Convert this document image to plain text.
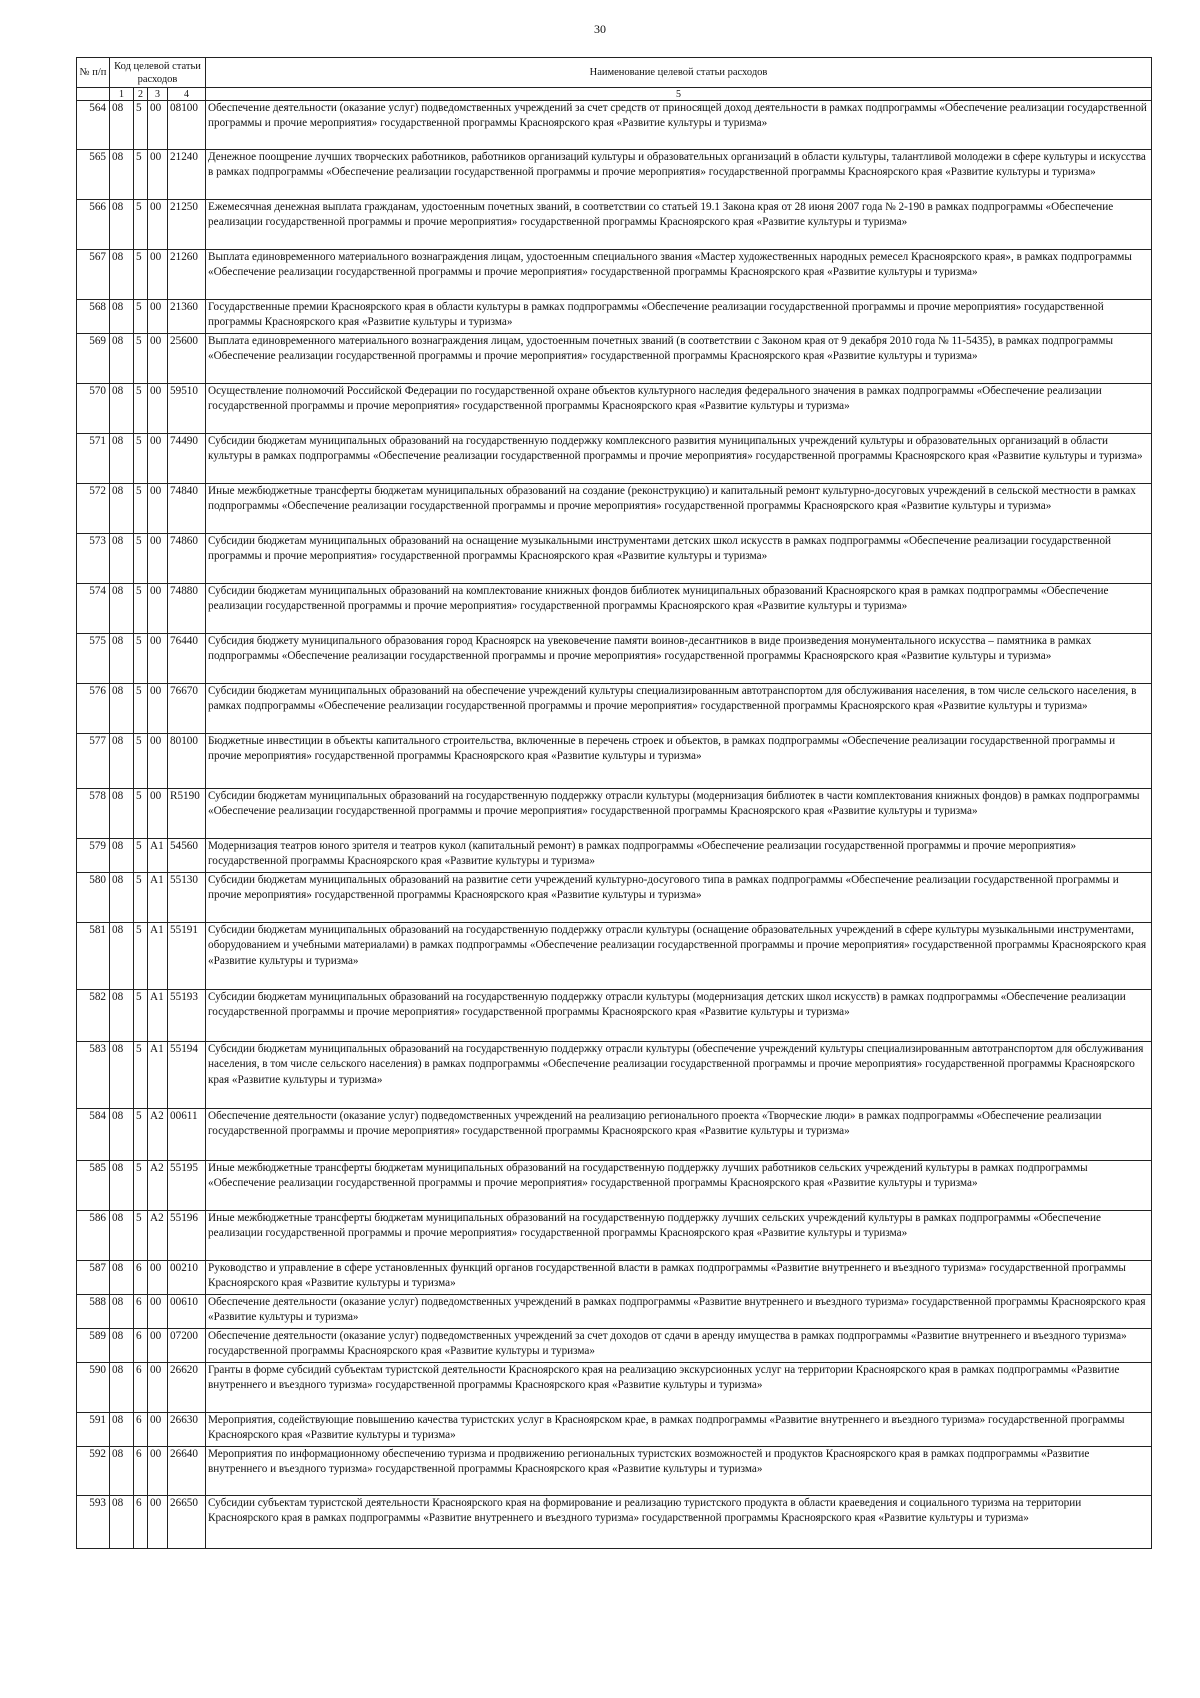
30
№ п/п	Код целевой статьи расходов				Наименование целевой статьи расходов

	1	2	3	4	5
564	08	5	00	08100	Обеспечение деятельности (оказание услуг) подведомственных учреждений за счет средств от приносящей доход деятельности в рамках подпрограммы «Обеспечение реализации государственной программы и прочие мероприятия» государственной программы Красноярского края «Развитие культуры и туризма»
565	08	5	00	21240	Денежное поощрение лучших творческих работников, работников организаций культуры и образовательных организаций в области культуры, талантливой молодежи в сфере культуры и искусства в рамках подпрограммы «Обеспечение реализации государственной программы и прочие мероприятия» государственной программы Красноярского края «Развитие культуры и туризма»
566	08	5	00	21250	Ежемесячная денежная выплата гражданам, удостоенным почетных званий, в соответствии со статьей 19.1 Закона края от 28 июня 2007 года № 2-190 в рамках подпрограммы «Обеспечение реализации государственной программы и прочие мероприятия» государственной программы Красноярского края «Развитие культуры и туризма»
567	08	5	00	21260	Выплата единовременного материального вознаграждения лицам, удостоенным специального звания «Мастер художественных народных ремесел Красноярского края», в рамках подпрограммы «Обеспечение реализации государственной программы и прочие мероприятия» государственной программы Красноярского края «Развитие культуры и туризма»
568	08	5	00	21360	Государственные премии Красноярского края в области культуры в рамках подпрограммы «Обеспечение реализации государственной программы и прочие мероприятия» государственной программы Красноярского края «Развитие культуры и туризма»
569	08	5	00	25600	Выплата единовременного материального вознаграждения лицам, удостоенным почетных званий (в соответствии с Законом края от 9 декабря 2010 года № 11-5435), в рамках подпрограммы «Обеспечение реализации государственной программы и прочие мероприятия» государственной программы Красноярского края «Развитие культуры и туризма»
570	08	5	00	59510	Осуществление полномочий Российской Федерации по государственной охране объектов культурного наследия федерального значения в рамках подпрограммы «Обеспечение реализации государственной программы и прочие мероприятия» государственной программы Красноярского края «Развитие культуры и туризма»
571	08	5	00	74490	Субсидии бюджетам муниципальных образований на государственную поддержку комплексного развития муниципальных учреждений культуры и образовательных организаций в области культуры в рамках подпрограммы «Обеспечение реализации государственной программы и прочие мероприятия» государственной программы Красноярского края «Развитие культуры и туризма»
572	08	5	00	74840	Иные межбюджетные трансферты бюджетам муниципальных образований на создание (реконструкцию) и капитальный ремонт культурно-досуговых учреждений в сельской местности в рамках подпрограммы «Обеспечение реализации государственной программы и прочие мероприятия» государственной программы Красноярского края «Развитие культуры и туризма»
573	08	5	00	74860	Субсидии бюджетам муниципальных образований на оснащение музыкальными инструментами детских школ искусств в рамках подпрограммы «Обеспечение реализации государственной программы и прочие мероприятия» государственной программы Красноярского края «Развитие культуры и туризма»
574	08	5	00	74880	Субсидии бюджетам муниципальных образований на комплектование книжных фондов библиотек муниципальных образований Красноярского края в рамках подпрограммы «Обеспечение реализации государственной программы и прочие мероприятия» государственной программы Красноярского края «Развитие культуры и туризма»
575	08	5	00	76440	Субсидия бюджету муниципального образования город Красноярск на увековечение памяти воинов-десантников в виде произведения монументального искусства – памятника в рамках подпрограммы «Обеспечение реализации государственной программы и прочие мероприятия» государственной программы Красноярского края «Развитие культуры и туризма»
576	08	5	00	76670	Субсидии бюджетам муниципальных образований на обеспечение учреждений культуры специализированным автотранспортом для обслуживания населения, в том числе сельского населения, в рамках подпрограммы «Обеспечение реализации государственной программы и прочие мероприятия» государственной программы Красноярского края «Развитие культуры и туризма»
577	08	5	00	80100	Бюджетные инвестиции в объекты капитального строительства, включенные в перечень строек и объектов, в рамках подпрограммы «Обеспечение реализации государственной программы и прочие мероприятия» государственной программы Красноярского края «Развитие культуры и туризма»
578	08	5	00	R5190	Субсидии бюджетам муниципальных образований на государственную поддержку отрасли культуры (модернизация библиотек в части комплектования книжных фондов) в рамках подпрограммы «Обеспечение реализации государственной программы и прочие мероприятия» государственной программы Красноярского края «Развитие культуры и туризма»
579	08	5	A1	54560	Модернизация театров юного зрителя и театров кукол (капитальный ремонт) в рамках подпрограммы «Обеспечение реализации государственной программы и прочие мероприятия» государственной программы Красноярского края «Развитие культуры и туризма»
580	08	5	A1	55130	Субсидии бюджетам муниципальных образований на развитие сети учреждений культурно-досугового типа в рамках подпрограммы «Обеспечение реализации государственной программы и прочие мероприятия» государственной программы Красноярского края «Развитие культуры и туризма»
581	08	5	A1	55191	Субсидии бюджетам муниципальных образований на государственную поддержку отрасли культуры (оснащение образовательных учреждений в сфере культуры музыкальными инструментами, оборудованием и учебными материалами) в рамках подпрограммы «Обеспечение реализации государственной программы и прочие мероприятия» государственной программы Красноярского края «Развитие культуры и туризма»
582	08	5	A1	55193	Субсидии бюджетам муниципальных образований на государственную поддержку отрасли культуры (модернизация детских школ искусств) в рамках подпрограммы «Обеспечение реализации государственной программы и прочие мероприятия» государственной программы Красноярского края «Развитие культуры и туризма»
583	08	5	A1	55194	Субсидии бюджетам муниципальных образований на государственную поддержку отрасли культуры (обеспечение учреждений культуры специализированным автотранспортом для обслуживания населения, в том числе сельского населения) в рамках подпрограммы «Обеспечение реализации государственной программы и прочие мероприятия» государственной программы Красноярского края «Развитие культуры и туризма»
584	08	5	A2	00611	Обеспечение деятельности (оказание услуг) подведомственных учреждений на реализацию регионального проекта «Творческие люди» в рамках подпрограммы «Обеспечение реализации государственной программы и прочие мероприятия» государственной программы Красноярского края «Развитие культуры и туризма»
585	08	5	A2	55195	Иные межбюджетные трансферты бюджетам муниципальных образований на государственную поддержку лучших работников сельских учреждений культуры в рамках подпрограммы «Обеспечение реализации государственной программы и прочие мероприятия» государственной программы Красноярского края «Развитие культуры и туризма»
586	08	5	A2	55196	Иные межбюджетные трансферты бюджетам муниципальных образований на государственную поддержку лучших сельских учреждений культуры в рамках подпрограммы «Обеспечение реализации государственной программы и прочие мероприятия» государственной программы Красноярского края «Развитие культуры и туризма»
587	08	6	00	00210	Руководство и управление в сфере установленных функций органов государственной власти в рамках подпрограммы «Развитие внутреннего и въездного туризма» государственной программы Красноярского края «Развитие культуры и туризма»
588	08	6	00	00610	Обеспечение деятельности (оказание услуг) подведомственных учреждений в рамках подпрограммы «Развитие внутреннего и въездного туризма» государственной программы Красноярского края «Развитие культуры и туризма»
589	08	6	00	07200	Обеспечение деятельности (оказание услуг) подведомственных учреждений за счет доходов от сдачи в аренду имущества в рамках подпрограммы «Развитие внутреннего и въездного туризма» государственной программы Красноярского края «Развитие культуры и туризма»
590	08	6	00	26620	Гранты в форме субсидий субъектам туристской деятельности Красноярского края на реализацию экскурсионных услуг на территории Красноярского края в рамках подпрограммы «Развитие внутреннего и въездного туризма» государственной программы Красноярского края «Развитие культуры и туризма»
591	08	6	00	26630	Мероприятия, содействующие повышению качества туристских услуг в Красноярском крае, в рамках подпрограммы «Развитие внутреннего и въездного туризма» государственной программы Красноярского края «Развитие культуры и туризма»
592	08	6	00	26640	Мероприятия по информационному обеспечению туризма и продвижению региональных туристских возможностей и продуктов Красноярского края в рамках подпрограммы «Развитие внутреннего и въездного туризма» государственной программы Красноярского края «Развитие культуры и туризма»
593	08	6	00	26650	Субсидии субъектам туристской деятельности Красноярского края на формирование и реализацию туристского продукта в области краеведения и социального туризма на территории Красноярского края в рамках подпрограммы «Развитие внутреннего и въездного туризма» государственной программы Красноярского края «Развитие культуры и туризма»
